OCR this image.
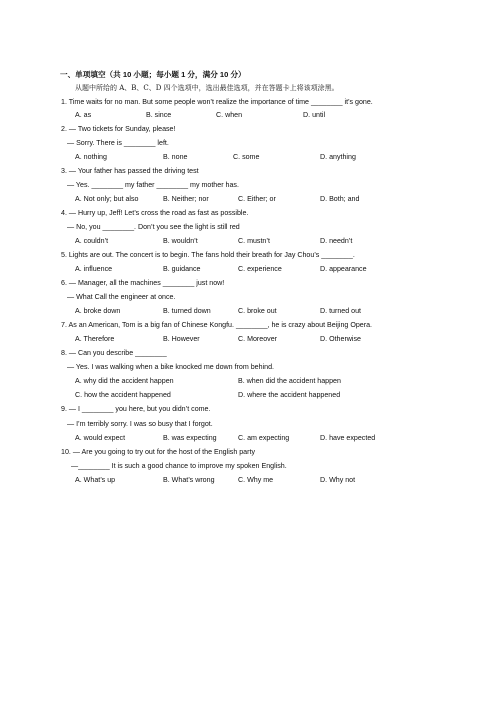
一、单项填空（共 10 小题；每小题 1 分，满分 10 分）
从题中所给的 A、B、C、D 四个选项中，选出最佳选项，并在答题卡上将该项涂黑。
1. Time waits for no man. But some people won’t realize the importance of time ________ it’s gone.
A. as	B. since	C. when	D. until
2. — Two tickets for Sunday, please!
— Sorry. There is ________ left.
A. nothing	B. none	C. some	D. anything
3. — Your father has passed the driving test
— Yes. ________ my father ________ my mother has.
A. Not only; but also	B. Neither; nor	C. Either; or	D. Both; and
4. — Hurry up, Jeff! Let’s cross the road as fast as possible.
— No, you ________. Don’t you see the light is still red
A. couldn’t	B. wouldn’t	C. mustn’t	D. needn’t
5. Lights are out. The concert is to begin. The fans hold their breath for Jay Chou’s ________.
A. influence	B. guidance	C. experience	D. appearance
6. — Manager, all the machines ________ just now!
— What Call the engineer at once.
A. broke down	B. turned down	C. broke out	D. turned out
7. As an American, Tom is a big fan of Chinese Kongfu. ________, he is crazy about Beijing Opera.
A. Therefore	B. However	C. Moreover	D. Otherwise
8. — Can you describe ________
— Yes. I was walking when a bike knocked me down from behind.
A. why did the accident happen	B. when did the accident happen
C. how the accident happened	D. where the accident happened
9. — I ________ you here, but you didn’t come.
— I’m terribly sorry. I was so busy that I forgot.
A. would expect	B. was expecting	C. am expecting	D. have expected
10. — Are you going to try out for the host of the English party
—________ It is such a good chance to improve my spoken English.
A. What’s up	B. What’s wrong	C. Why me	D. Why not
